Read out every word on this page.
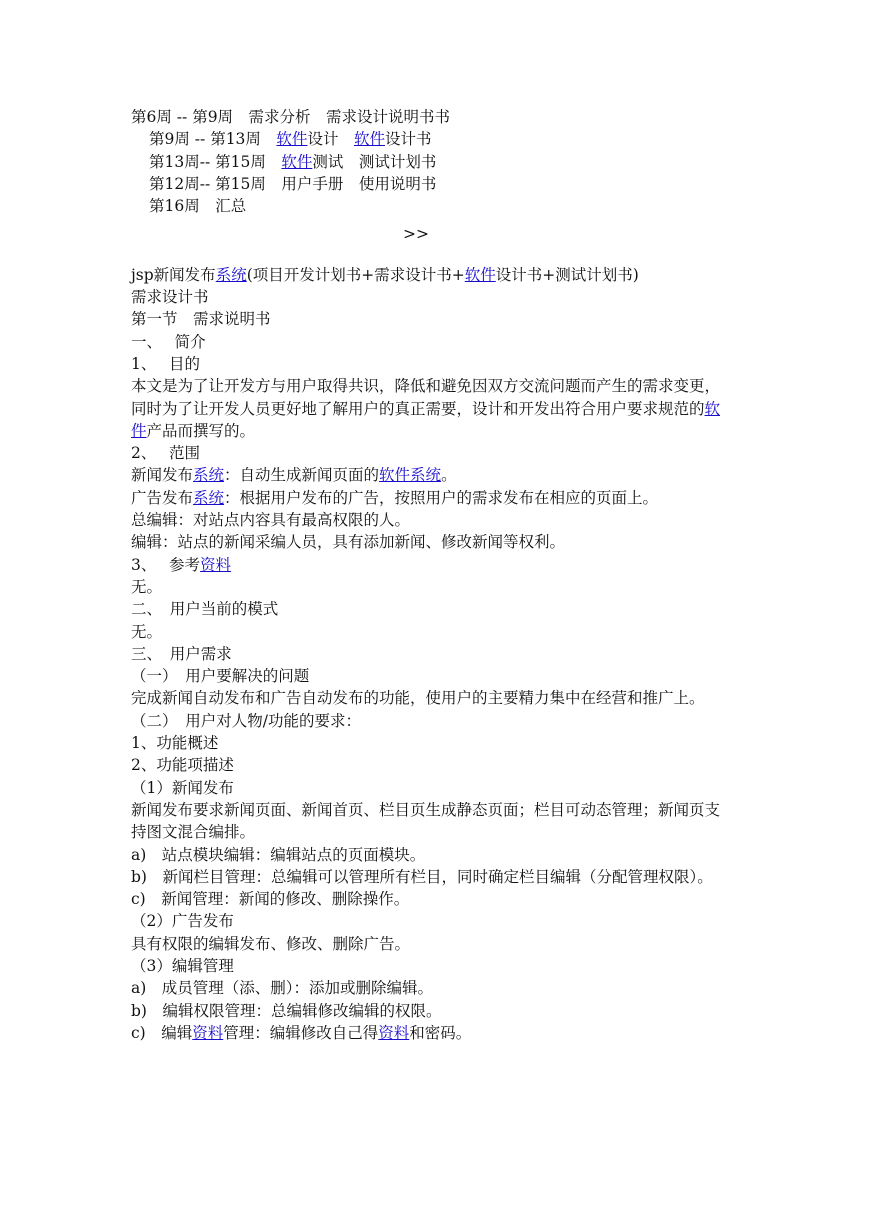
第6周 -- 第9周　需求分析　需求设计说明书书
第9周 -- 第13周　软件设计　软件设计书
第13周-- 第15周　软件测试　测试计划书
第12周-- 第15周　用户手册　使用说明书
第16周　汇总
>>
jsp新闻发布系统(项目开发计划书+需求设计书+软件设计书+测试计划书)
需求设计书
第一节　需求说明书
一、　 简介
1、　 目的
本文是为了让开发方与用户取得共识，降低和避免因双方交流问题而产生的需求变更，同时为了让开发人员更好地了解用户的真正需要，设计和开发出符合用户要求规范的软件产品而撰写的。
2、　 范围
新闻发布系统：自动生成新闻页面的软件系统。
广告发布系统：根据用户发布的广告，按照用户的需求发布在相应的页面上。
总编辑：对站点内容具有最高权限的人。
编辑：站点的新闻采编人员，具有添加新闻、修改新闻等权利。
3、　 参考资料
无。
二、　用户当前的模式
无。
三、　用户需求
（一）　用户要解决的问题
完成新闻自动发布和广告自动发布的功能，使用户的主要精力集中在经营和推广上。
（二）　用户对人物/功能的要求：
1、功能概述
2、功能项描述
（1）新闻发布
新闻发布要求新闻页面、新闻首页、栏目页生成静态页面；栏目可动态管理；新闻页支持图文混合编排。
a)　站点模块编辑：编辑站点的页面模块。
b)　新闻栏目管理：总编辑可以管理所有栏目，同时确定栏目编辑（分配管理权限）。
c)　新闻管理：新闻的修改、删除操作。
（2）广告发布
具有权限的编辑发布、修改、删除广告。
（3）编辑管理
a)　成员管理（添、删）：添加或删除编辑。
b)　编辑权限管理：总编辑修改编辑的权限。
c)　编辑资料管理：编辑修改自己得资料和密码。
